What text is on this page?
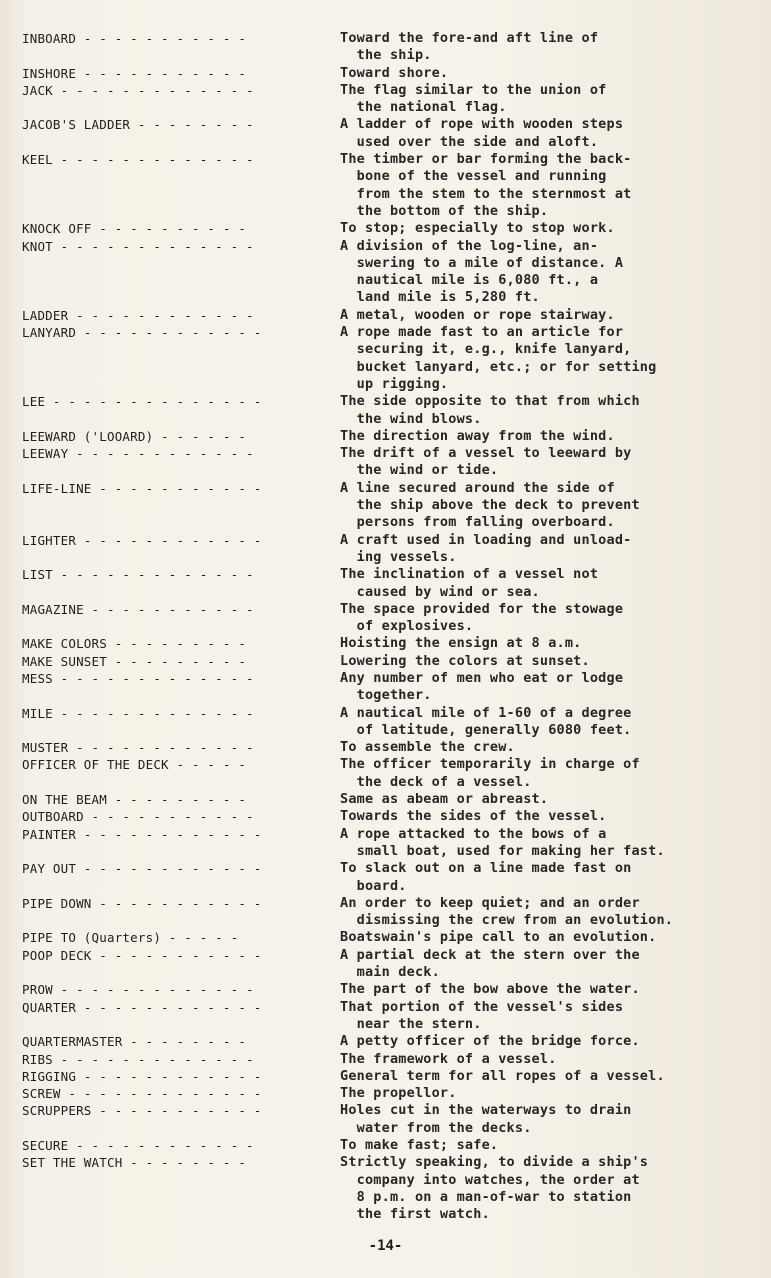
INBOARD - - - - - - - - - - -	Toward the fore-and aft line of
the ship.
INSHORE - - - - - - - - - - -	Toward shore.
JACK - - - - - - - - - - - - -	The flag similar to the union of
the national flag.
JACOB'S LADDER - - - - - - - -	A ladder of rope with wooden steps
used over the side and aloft.
KEEL - - - - - - - - - - - - -	The timber or bar forming the back-
bone of the vessel and running
from the stem to the sternmost at
the bottom of the ship.
KNOCK OFF - - - - - - - - - -	To stop; especially to stop work.
KNOT - - - - - - - - - - - - -	A division of the log-line, an-
swering to a mile of distance. A
nautical mile is 6,080 ft., a
land mile is 5,280 ft.
LADDER - - - - - - - - - - - -	A metal, wooden or rope stairway.
LANYARD - - - - - - - - - - - -	A rope made fast to an article for
securing it, e.g., knife lanyard,
bucket lanyard, etc.; or for setting
up rigging.
LEE - - - - - - - - - - - - - -	The side opposite to that from which
the wind blows.
LEEWARD ('LOOARD) - - - - - -	The direction away from the wind.
LEEWAY - - - - - - - - - - - -	The drift of a vessel to leeward by
the wind or tide.
LIFE-LINE - - - - - - - - - - -	A line secured around the side of
the ship above the deck to prevent
persons from falling overboard.
LIGHTER - - - - - - - - - - - -	A craft used in loading and unload-
ing vessels.
LIST - - - - - - - - - - - - -	The inclination of a vessel not
caused by wind or sea.
MAGAZINE - - - - - - - - - - -	The space provided for the stowage
of explosives.
MAKE COLORS - - - - - - - - -	Hoisting the ensign at 8 a.m.
MAKE SUNSET - - - - - - - - -	Lowering the colors at sunset.
MESS - - - - - - - - - - - - -	Any number of men who eat or lodge
together.
MILE - - - - - - - - - - - - -	A nautical mile of 1-60 of a degree
of latitude, generally 6080 feet.
MUSTER - - - - - - - - - - - -	To assemble the crew.
OFFICER OF THE DECK - - - - -	The officer temporarily in charge of
the deck of a vessel.
ON THE BEAM - - - - - - - - -	Same as abeam or abreast.
OUTBOARD - - - - - - - - - - -	Towards the sides of the vessel.
PAINTER - - - - - - - - - - - -	A rope attacked to the bows of a
small boat, used for making her fast.
PAY OUT - - - - - - - - - - - -	To slack out on a line made fast on
board.
PIPE DOWN - - - - - - - - - - -	An order to keep quiet; and an order
dismissing the crew from an evolution.
PIPE TO (Quarters) - - - - -	Boatswain's pipe call to an evolution.
POOP DECK - - - - - - - - - - -	A partial deck at the stern over the
main deck.
PROW - - - - - - - - - - - - -	The part of the bow above the water.
QUARTER - - - - - - - - - - - -	That portion of the vessel's sides
near the stern.
QUARTERMASTER - - - - - - - -	A petty officer of the bridge force.
RIBS - - - - - - - - - - - - -	The framework of a vessel.
RIGGING - - - - - - - - - - - -	General term for all ropes of a vessel.
SCREW - - - - - - - - - - - - -	The propellor.
SCRUPPERS - - - - - - - - - - -	Holes cut in the waterways to drain
water from the decks.
SECURE - - - - - - - - - - - -	To make fast; safe.
SET THE WATCH - - - - - - - -	Strictly speaking, to divide a ship's
company into watches, the order at
8 p.m. on a man-of-war to station
the first watch.
-14-
